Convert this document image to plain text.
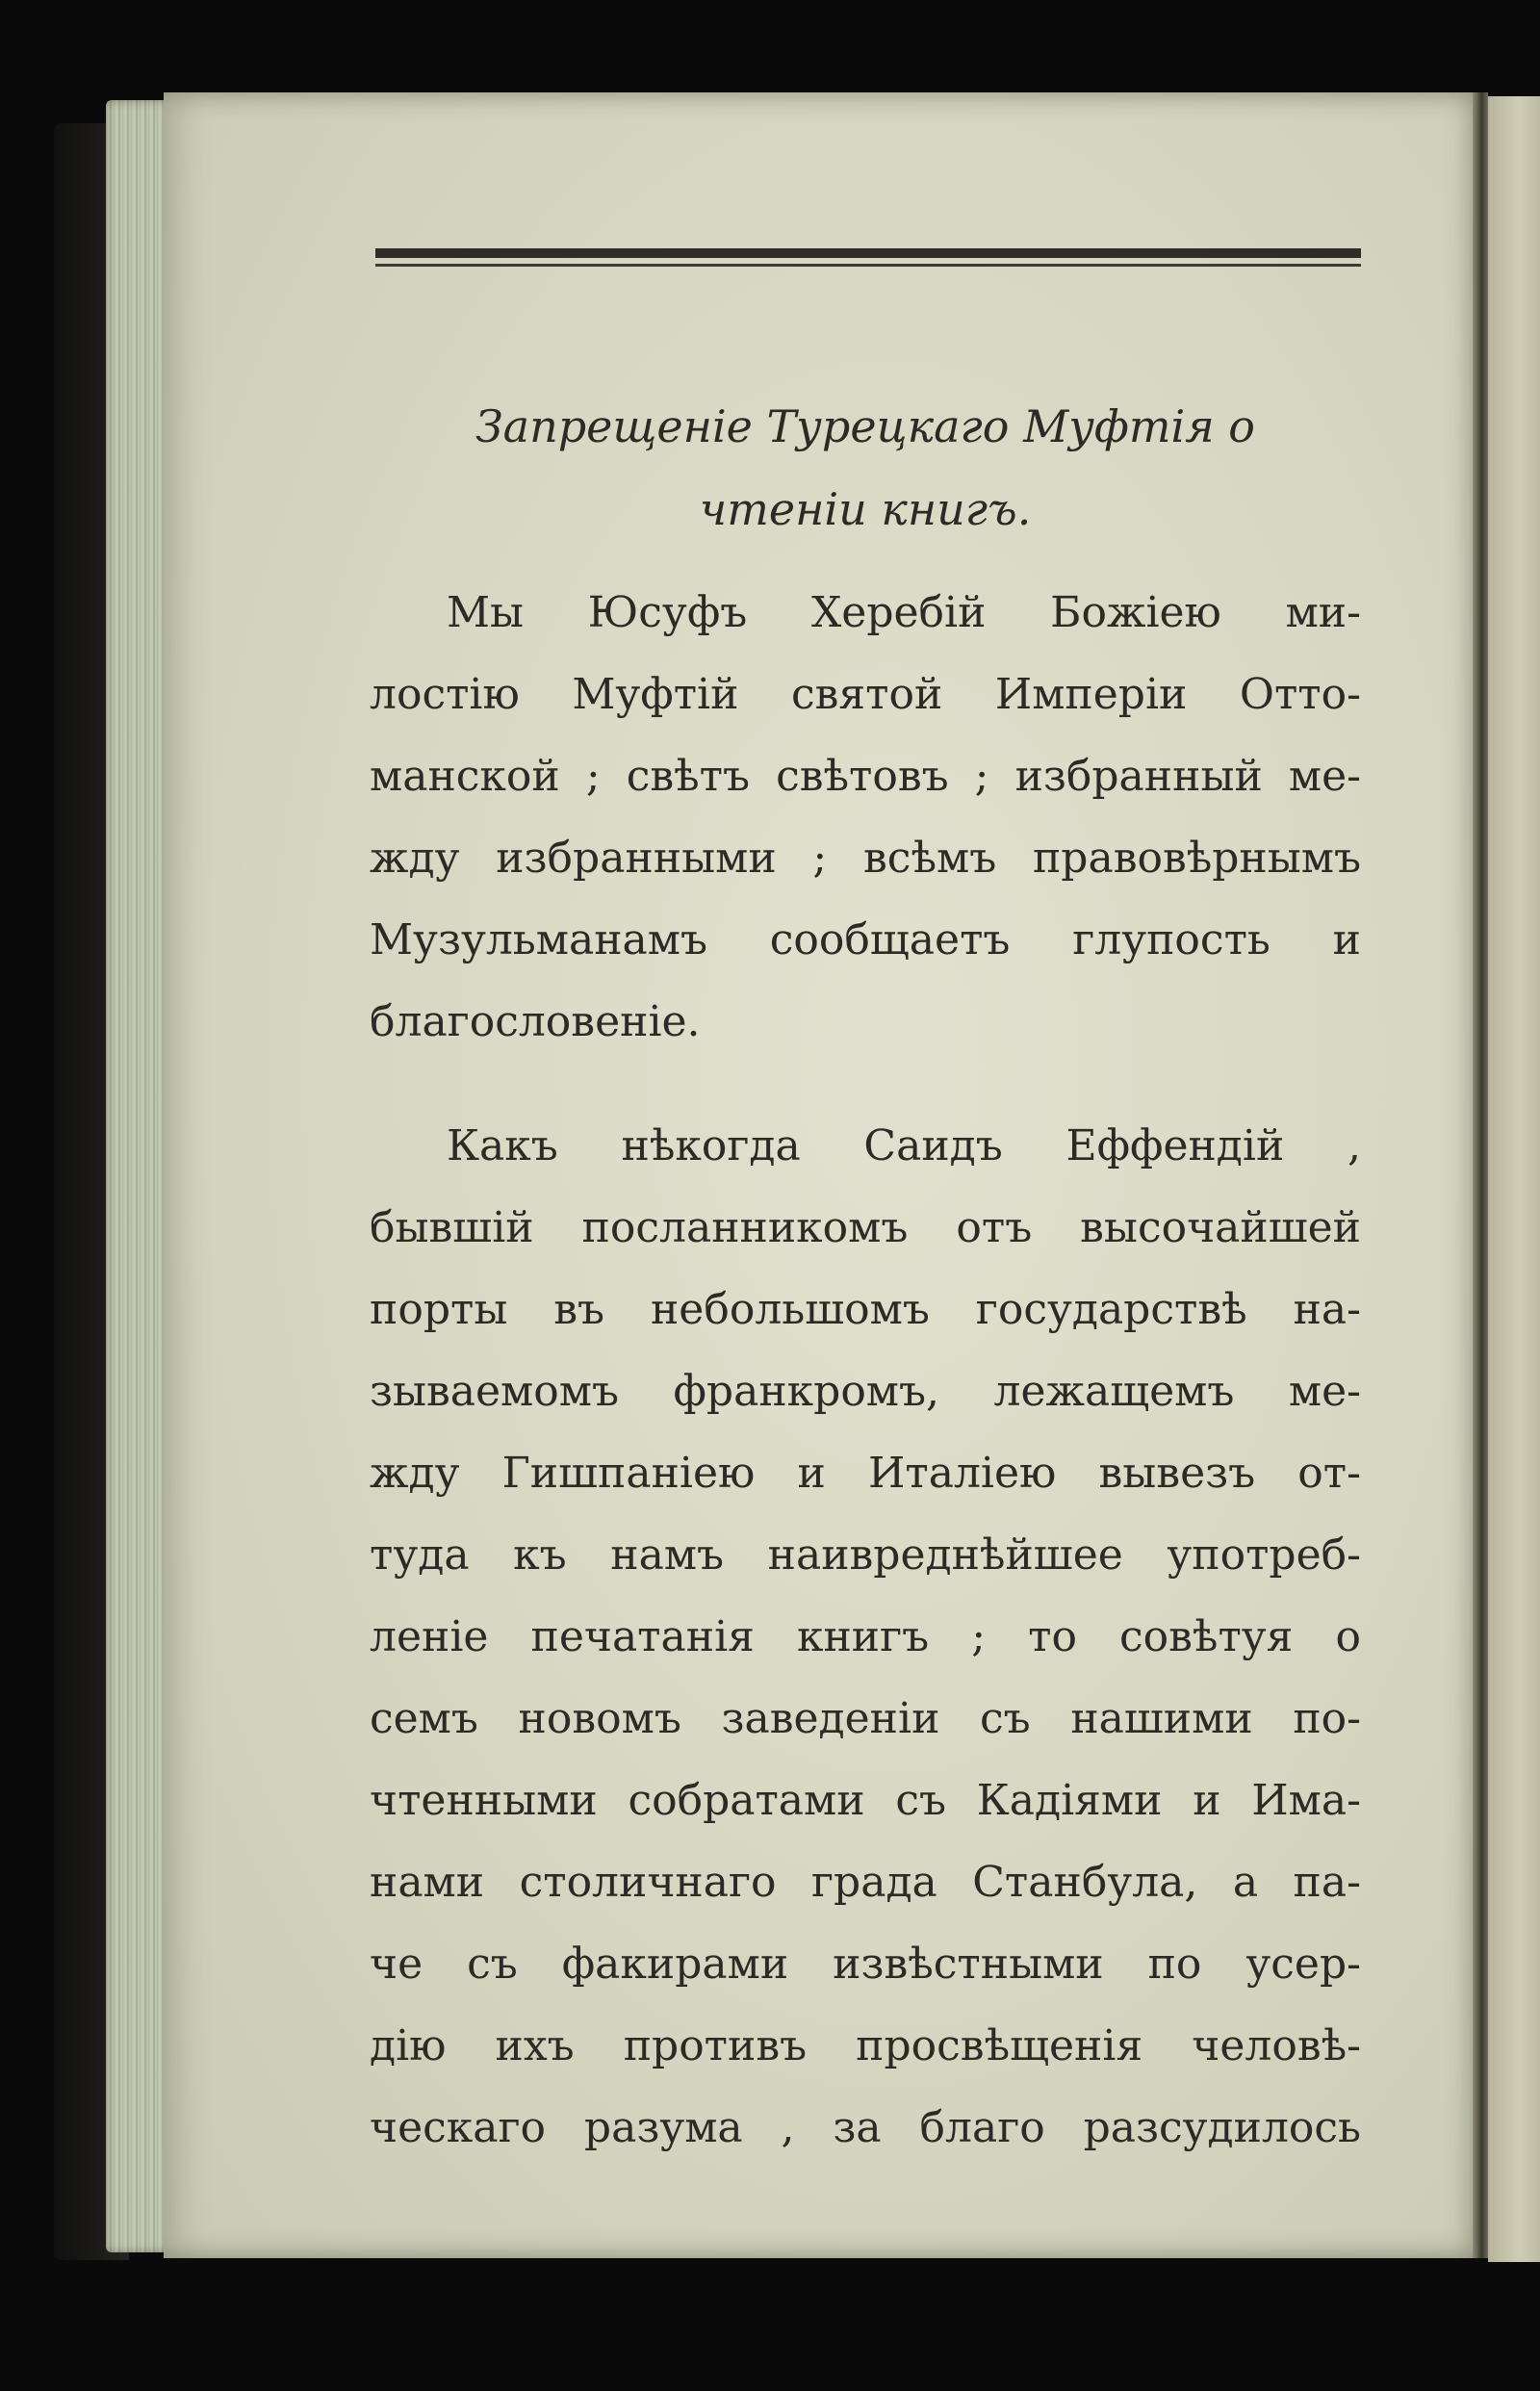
Запрещеніе Турецкаго Муфтія о
чтеніи книгъ.

Мы Юсуфъ Херебій Божіею ми-
лостію Муфтій святой Имперіи Отто-
манской ; свѣтъ свѣтовъ ; избранный ме-
жду избранными ; всѣмъ правовѣрнымъ
Музульманамъ сообщаетъ глупость и
благословеніе.

Какъ нѣкогда Саидъ Еффендій ,
бывшій посланникомъ отъ высочайшей
порты въ небольшомъ государствѣ на-
зываемомъ франкромъ, лежащемъ ме-
жду Гишпаніею и Италіею вывезъ от-
туда къ намъ наивреднѣйшее употреб-
леніе печатанія книгъ ; то совѣтуя о
семъ новомъ заведеніи съ нашими по-
чтенными собратами съ Кадіями и Има-
нами столичнаго града Станбула, а па-
че съ факирами извѣстными по усер-
дію ихъ противъ просвѣщенія человѣ-
ческаго разума , за благо разсудилось
